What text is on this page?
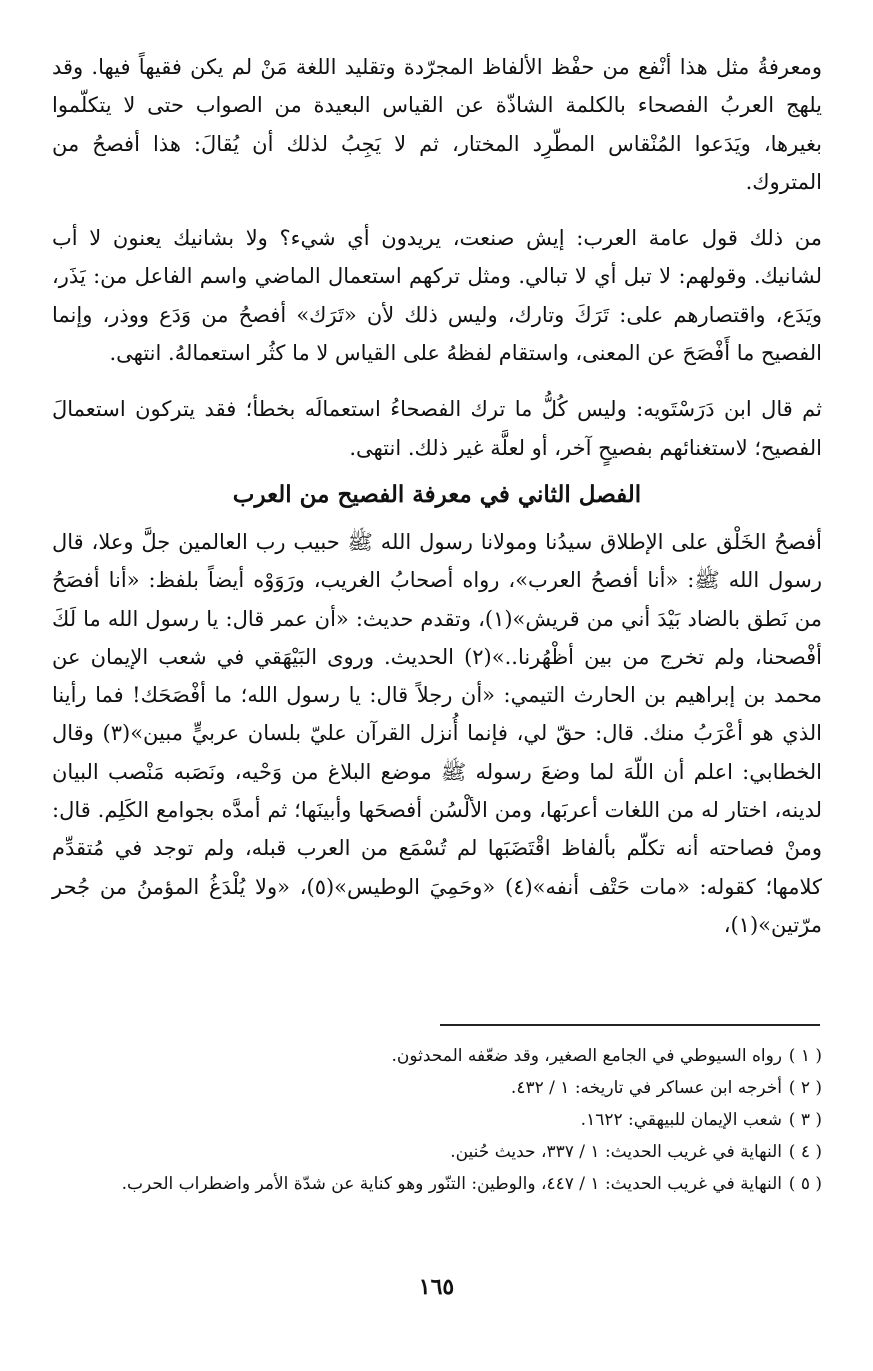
ومعرفةُ مثل هذا أنْفع من حفْظ الألفاظ المجرّدة وتقليد اللغة مَنْ لم يكن فقيهاً فيها. وقد يلهج العربُ الفصحاء بالكلمة الشاذّة عن القياس البعيدة من الصواب حتى لا يتكلّموا بغيرها، ويَدَعوا المُنْقاس المطّرِد المختار، ثم لا يَجِبُ لذلك أن يُقالَ: هذا أفصحُ من المتروك.

من ذلك قول عامة العرب: إيش صنعت، يريدون أي شيء؟ ولا بشانيك يعنون لا أب لشانيك. وقولهم: لا تبل أي لا تبالي. ومثل تركهم استعمال الماضي واسم الفاعل من: يَذَر، ويَدَع، واقتصارهم على: تَرَكَ وتارك، وليس ذلك لأن «تَرَك» أفصحُ من وَدَع ووذر، وإنما الفصيح ما أَفْصَحَ عن المعنى، واستقام لفظهُ على القياس لا ما كثُر استعمالهُ. انتهى.

ثم قال ابن دَرَسْتَويه: وليس كُلُّ ما ترك الفصحاءُ استعمالَه بخطأ؛ فقد يتركون استعمالَ الفصيح؛ لاستغنائهم بفصيحٍ آخر، أو لعلَّة غير ذلك. انتهى.

الفصل الثاني في معرفة الفصيح من العرب

أفصحُ الخَلْق على الإطلاق سيدُنا ومولانا رسول الله ﷺ حبيب رب العالمين جلَّ وعلا، قال رسول الله ﷺ: «أنا أفصحُ العرب»، رواه أصحابُ الغريب، ورَوَوْه أيضاً بلفظ: «أنا أفصَحُ من نَطق بالضاد بَيْدَ أني من قريش»(١)، وتقدم حديث: «أن عمر قال: يا رسول الله ما لَكَ أفْصحنا، ولم تخرج من بين أظْهُرنا..»(٢) الحديث. وروى البَيْهَقي في شعب الإيمان عن محمد بن إبراهيم بن الحارث التيمي: «أن رجلاً قال: يا رسول الله؛ ما أفْصَحَك! فما رأينا الذي هو أعْرَبُ منك. قال: حقّ لي، فإنما أُنزل القرآن عليّ بلسان عربيٍّ مبين»(٣) وقال الخطابي: اعلم أن اللّهَ لما وضعَ رسوله ﷺ موضع البلاغ من وَحْيه، ونَصَبه مَنْصب البيان لدينه، اختار له من اللغات أعربَها، ومن الألْسُن أفصحَها وأبينَها؛ ثم أمدَّه بجوامع الكَلِم. قال: ومنْ فصاحته أنه تكلّم بألفاظ اقْتَضَبَها لم تُسْمَع من العرب قبله، ولم توجد في مُتقدِّم كلامها؛ كقوله: «مات حَتْف أنفه»(٤) «وحَمِيَ الوطيس»(٥)، «ولا يُلْدَغُ المؤمنُ من جُحر مرّتين»(١)،

( ١ )
رواه السيوطي في الجامع الصغير، وقد ضعّفه المحدثون.

( ٢ )
أخرجه ابن عساكر في تاريخه: ١ / ٤٣٢.

( ٣ )
شعب الإيمان للبيهقي: ١٦٢٢.

( ٤ )
النهاية في غريب الحديث: ١ / ٣٣٧، حديث حُنين.

( ٥ )
النهاية في غريب الحديث: ١ / ٤٤٧، والوطين: التنّور وهو كناية عن شدّة الأمر واضطراب الحرب.

١٦٥
